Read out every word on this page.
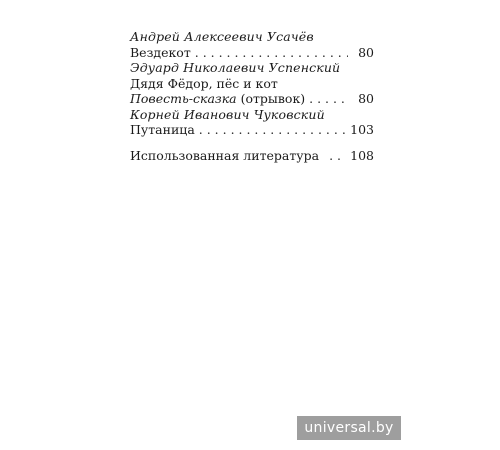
Андрей Алексеевич Усачёв
Вездекот . . .	80
Эдуард Николаевич Успенский
Дядя Фёдор, пёс и кот
Повесть-сказка (отрывок) . . .	80
Корней Иванович Чуковский
Путаница . . .	103
Использованная литература . . . 108
universal.by
